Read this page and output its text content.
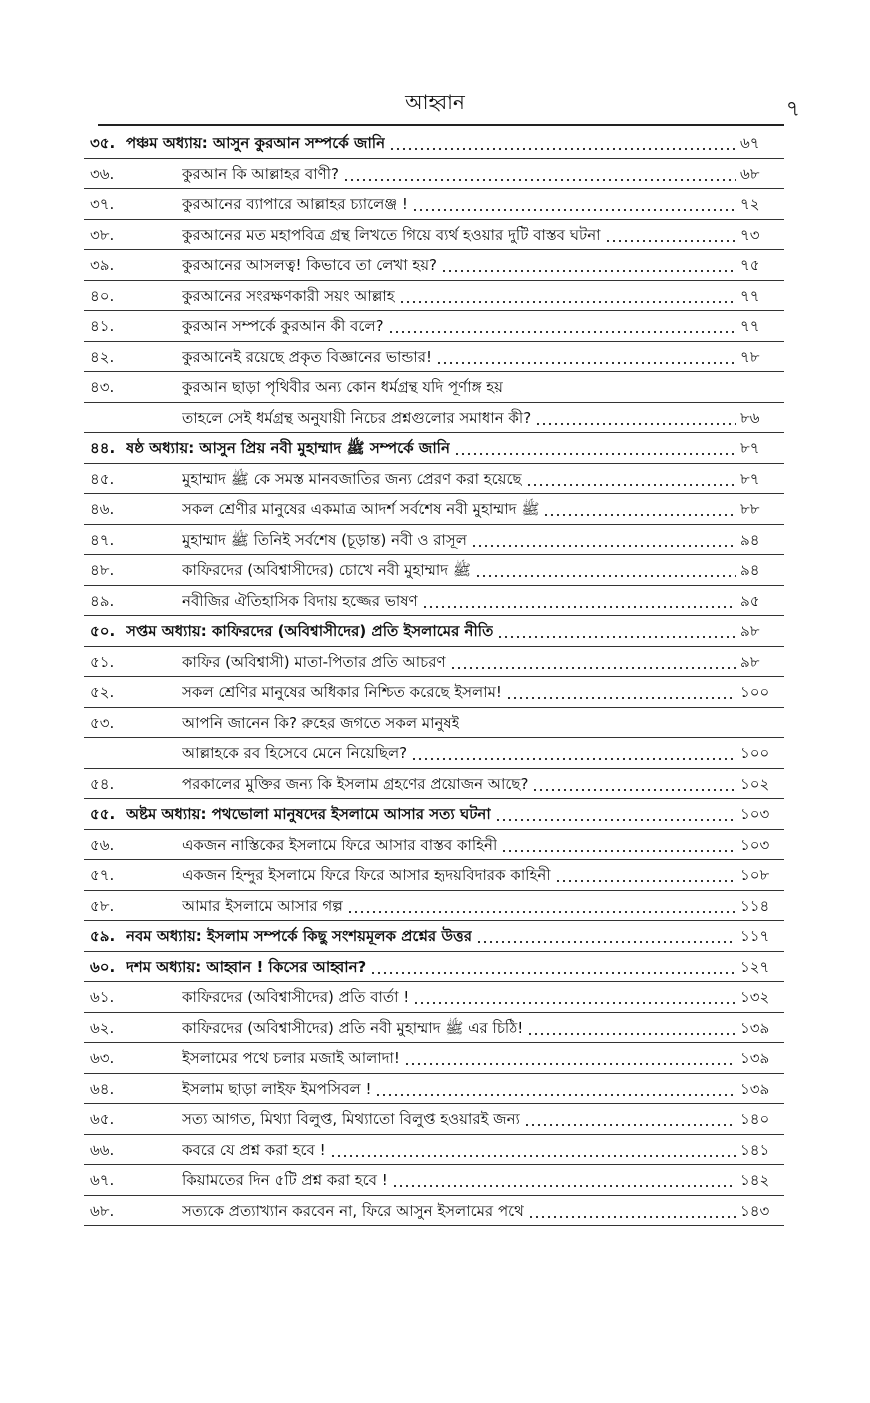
আহ্বান	৭
৩৫. পঞ্চম অধ্যায়: আসুন কুরআন সম্পর্কে জানি	৬৭
৩৬.	কুরআন কি আল্লাহর বাণী?	৬৮
৩৭.	কুরআনের ব্যাপারে আল্লাহর চ্যালেঞ্জ !	৭২
৩৮.	কুরআনের মত মহাপবিত্র গ্রন্থ লিখতে গিয়ে ব্যর্থ হওয়ার দুটি বাস্তব ঘটনা	৭৩
৩৯.	কুরআনের আসলত্ব! কিভাবে তা লেখা হয়?	৭৫
৪০.	কুরআনের সংরক্ষণকারী সয়ং আল্লাহ	৭৭
৪১.	কুরআন সম্পর্কে কুরআন কী বলে?	৭৭
৪২.	কুরআনেই রয়েছে প্রকৃত বিজ্ঞানের ভান্ডার!	৭৮
৪৩.	কুরআন ছাড়া পৃথিবীর অন্য কোন ধর্মগ্রন্থ যদি পূর্ণাঙ্গ হয়
তাহলে সেই ধর্মগ্রন্থ অনুযায়ী নিচের প্রশ্নগুলোর সমাধান কী?	৮৬
৪৪. ষষ্ঠ অধ্যায়: আসুন প্রিয় নবী মুহাম্মাদ ﷺ সম্পর্কে জানি	৮৭
৪৫.	মুহাম্মাদ ﷺ কে সমস্ত মানবজাতির জন্য প্রেরণ করা হয়েছে	৮৭
৪৬.	সকল শ্রেণীর মানুষের একমাত্র আদর্শ সর্বশেষ নবী মুহাম্মাদ ﷺ	৮৮
৪৭.	মুহাম্মাদ ﷺ তিনিই সর্বশেষ (চূড়ান্ত) নবী ও রাসূল	৯৪
৪৮.	কাফিরদের (অবিশ্বাসীদের) চোখে নবী মুহাম্মাদ ﷺ	৯৪
৪৯.	নবীজির ঐতিহাসিক বিদায় হজ্জের ভাষণ	৯৫
৫০. সপ্তম অধ্যায়: কাফিরদের (অবিশ্বাসীদের) প্রতি ইসলামের নীতি	৯৮
৫১.	কাফির (অবিশ্বাসী) মাতা-পিতার প্রতি আচরণ	৯৮
৫২.	সকল শ্রেণির মানুষের অধিকার নিশ্চিত করেছে ইসলাম!	১০০
৫৩.	আপনি জানেন কি? রুহের জগতে সকল মানুষই
আল্লাহকে রব হিসেবে মেনে নিয়েছিল?	১০০
৫৪.	পরকালের মুক্তির জন্য কি ইসলাম গ্রহণের প্রয়োজন আছে?	১০২
৫৫. অষ্টম অধ্যায়: পথভোলা মানুষদের ইসলামে আসার সত্য ঘটনা	১০৩
৫৬.	একজন নাস্তিকের ইসলামে ফিরে আসার বাস্তব কাহিনী	১০৩
৫৭.	একজন হিন্দুর ইসলামে ফিরে ফিরে আসার হৃদয়বিদারক কাহিনী	১০৮
৫৮.	আমার ইসলামে আসার গল্প	১১৪
৫৯. নবম অধ্যায়: ইসলাম সম্পর্কে কিছু সংশয়মূলক প্রশ্নের উত্তর	১১৭
৬০. দশম অধ্যায়: আহ্বান ! কিসের আহ্বান?	১২৭
৬১.	কাফিরদের (অবিশ্বাসীদের) প্রতি বার্তা !	১৩২
৬২.	কাফিরদের (অবিশ্বাসীদের) প্রতি নবী মুহাম্মাদ ﷺ এর চিঠি!	১৩৯
৬৩.	ইসলামের পথে চলার মজাই আলাদা!	১৩৯
৬৪.	ইসলাম ছাড়া লাইফ ইমপসিবল !	১৩৯
৬৫.	সত্য আগত, মিথ্যা বিলুপ্ত, মিথ্যাতো বিলুপ্ত হওয়ারই জন্য	১৪০
৬৬.	কবরে যে প্রশ্ন করা হবে !	১৪১
৬৭.	কিয়ামতের দিন ৫টি প্রশ্ন করা হবে !	১৪২
৬৮.	সত্যকে প্রত্যাখ্যান করবেন না, ফিরে আসুন ইসলামের পথে	১৪৩
